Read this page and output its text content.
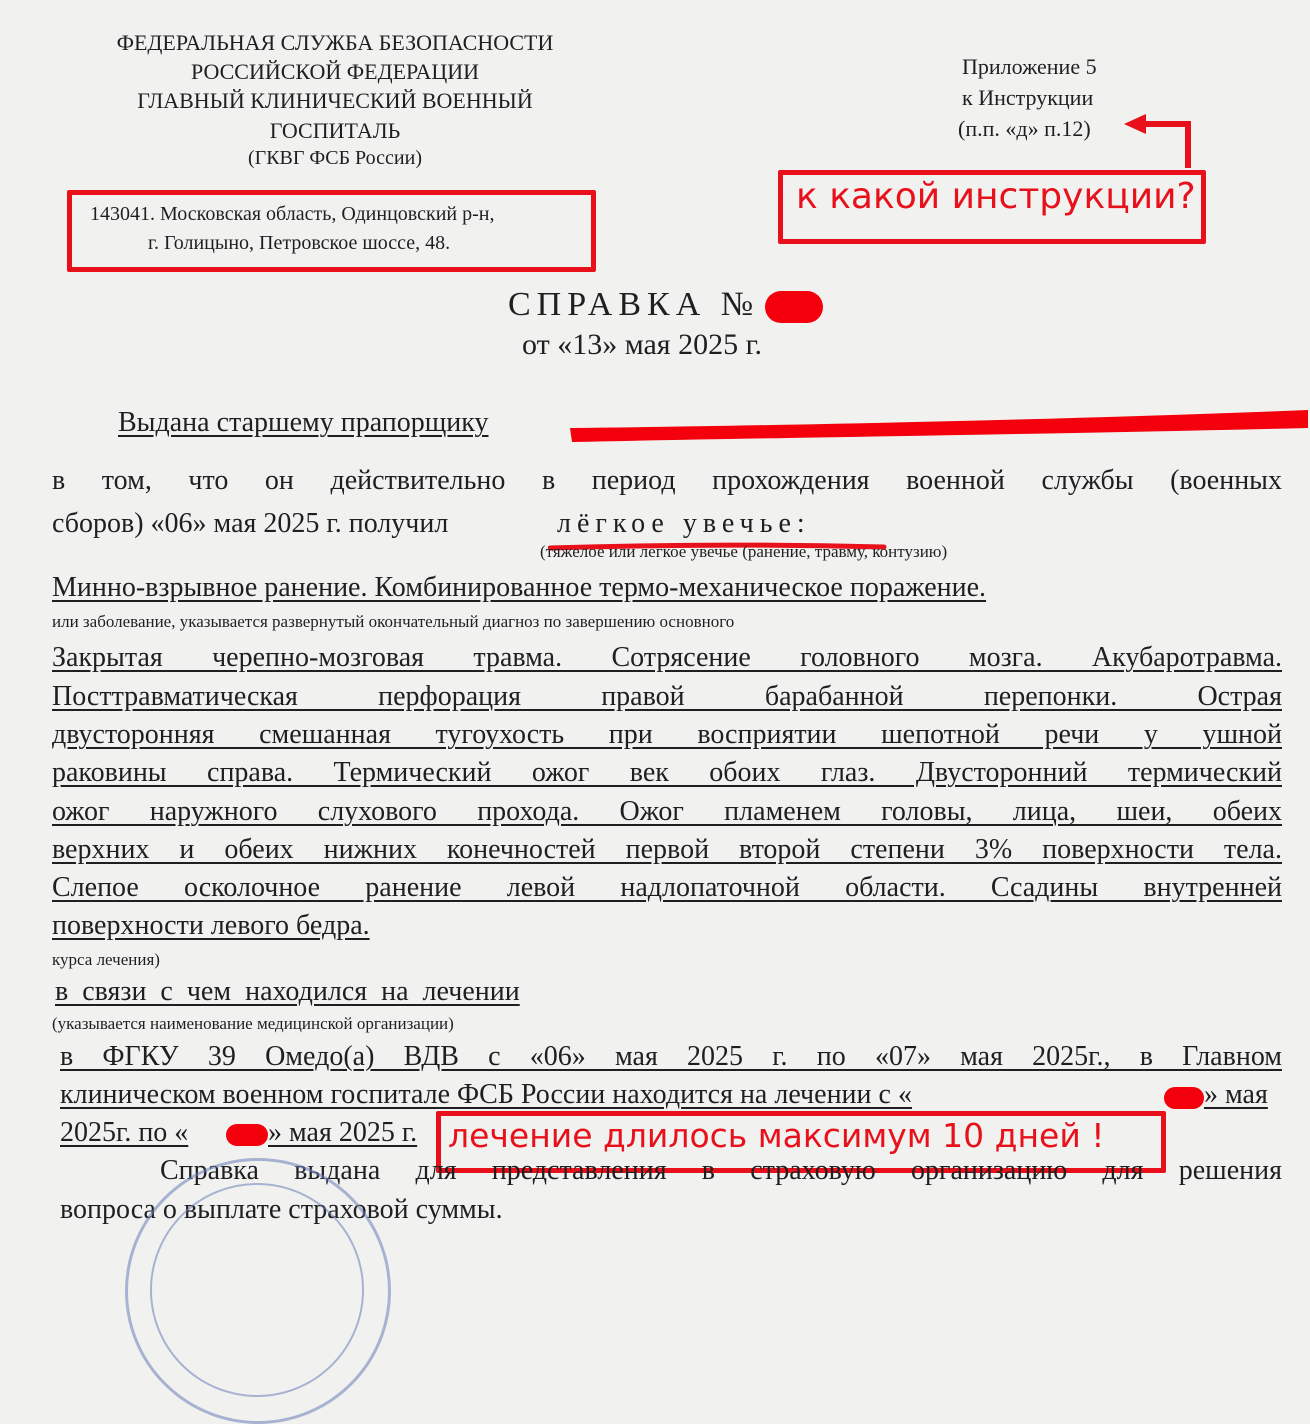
ФЕДЕРАЛЬНАЯ СЛУЖБА БЕЗОПАСНОСТИ
РОССИЙСКОЙ ФЕДЕРАЦИИ
ГЛАВНЫЙ КЛИНИЧЕСКИЙ ВОЕННЫЙ
ГОСПИТАЛЬ
(ГКВГ ФСБ России)
143041. Московская область, Одинцовский р-н,
г. Голицыно, Петровское шоссе, 48.
Приложение 5
к Инструкции
(п.п. «д» п.12)
к какой инструкции?
СПРАВКА №
от «13» мая 2025 г.
Выдана старшему прапорщику
в том, что он действительно в период прохождения военной службы (военных
сборов) «06» мая 2025 г. получил	лёгкое увечье:
(тяжелое или легкое увечье (ранение, травму, контузию)
Минно-взрывное ранение. Комбинированное термо-механическое поражение.
или заболевание, указывается развернутый окончательный диагноз по завершению основного
Закрытая черепно-мозговая травма. Сотрясение головного мозга. Акубаротравма.
Посттравматическая перфорация правой барабанной перепонки. Острая
двусторонняя смешанная тугоухость при восприятии шепотной речи у ушной
раковины справа. Термический ожог век обоих глаз. Двусторонний термический
ожог наружного слухового прохода. Ожог пламенем головы, лица, шеи, обеих
верхних и обеих нижних конечностей первой второй степени 3% поверхности тела.
Слепое осколочное ранение левой надлопаточной области. Ссадины внутренней
поверхности левого бедра.
курса лечения)
в  связи  с  чем  находился  на  лечении
(указывается наименование медицинской организации)
в ФГКУ 39 Омедо(а) ВДВ с «06» мая 2025 г. по «07» мая 2025г., в Главном
клиническом военном госпитале ФСБ России находится на лечении с «	» мая
2025г. по «	» мая 2025 г. лечение длилось максимум 10 дней !
Справка выдана для представления в страховую организацию для решения
вопроса о выплате страховой суммы.
